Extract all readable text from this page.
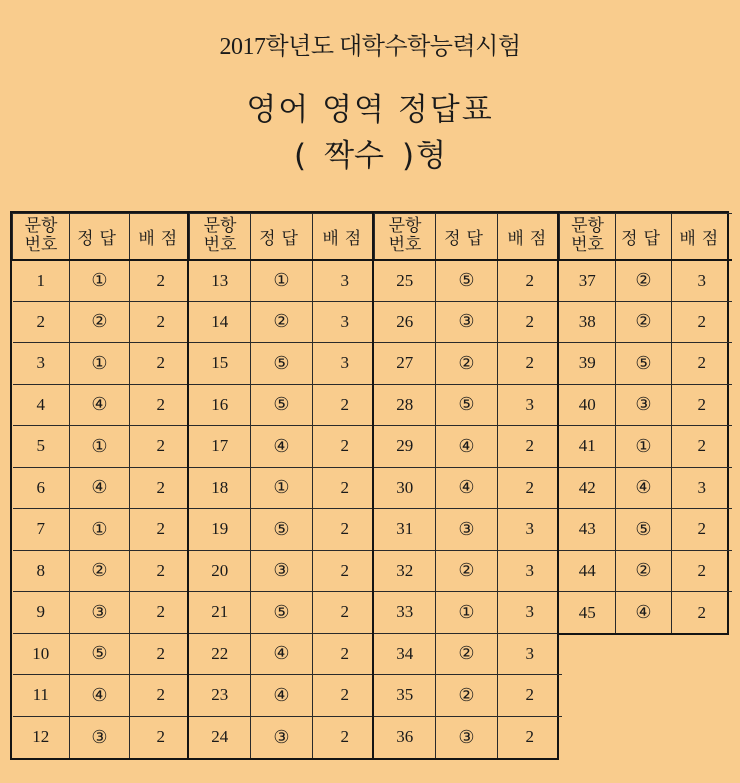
2017학년도 대학수학능력시험
영어 영역 정답표
( 짝수 )형
문항
번호	정답	배점
1	①	2
2	②	2
3	①	2
4	④	2
5	①	2
6	④	2
7	①	2
8	②	2
9	③	2
10	⑤	2
11	④	2
12	③	2
문항
번호	정답	배점
13	①	3
14	②	3
15	⑤	3
16	⑤	2
17	④	2
18	①	2
19	⑤	2
20	③	2
21	⑤	2
22	④	2
23	④	2
24	③	2
문항
번호	정답	배점
25	⑤	2
26	③	2
27	②	2
28	⑤	3
29	④	2
30	④	2
31	③	3
32	②	3
33	①	3
34	②	3
35	②	2
36	③	2
문항
번호	정답	배점
37	②	3
38	②	2
39	⑤	2
40	③	2
41	①	2
42	④	3
43	⑤	2
44	②	2
45	④	2
